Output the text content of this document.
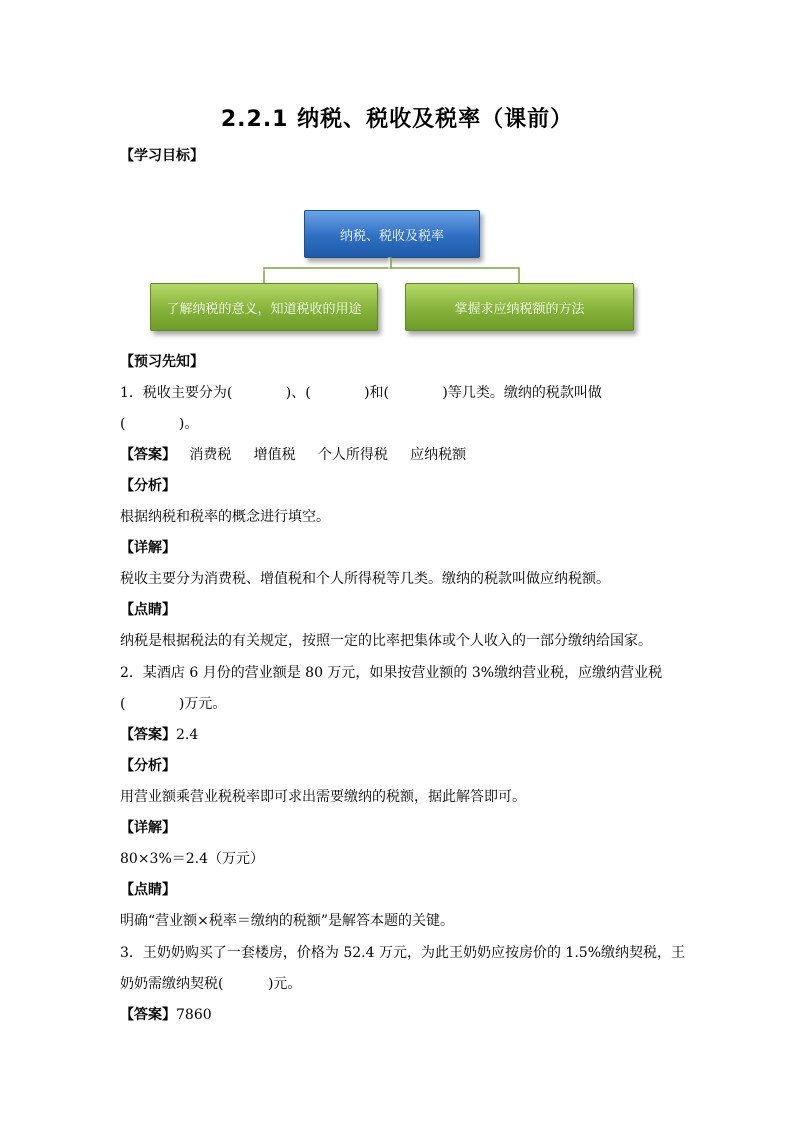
2.2.1 纳税、税收及税率（课前）
【学习目标】
纳税、税收及税率
了解纳税的意义，知道税收的用途	掌握求应纳税额的方法
【预习先知】
1．税收主要分为(            )、(            )和(            )等几类。缴纳的税款叫做
(            )。
【答案】   消费税     增值税     个人所得税     应纳税额
【分析】
根据纳税和税率的概念进行填空。
【详解】
税收主要分为消费税、增值税和个人所得税等几类。缴纳的税款叫做应纳税额。
【点睛】
纳税是根据税法的有关规定，按照一定的比率把集体或个人收入的一部分缴纳给国家。
2．某酒店 6 月份的营业额是 80 万元，如果按营业额的 3%缴纳营业税，应缴纳营业税
(            )万元。
【答案】2.4
【分析】
用营业额乘营业税税率即可求出需要缴纳的税额，据此解答即可。
【详解】
80×3%＝2.4（万元）
【点睛】
明确“营业额×税率＝缴纳的税额”是解答本题的关键。
3．王奶奶购买了一套楼房，价格为 52.4 万元，为此王奶奶应按房价的 1.5%缴纳契税，王
奶奶需缴纳契税(          )元。
【答案】7860
